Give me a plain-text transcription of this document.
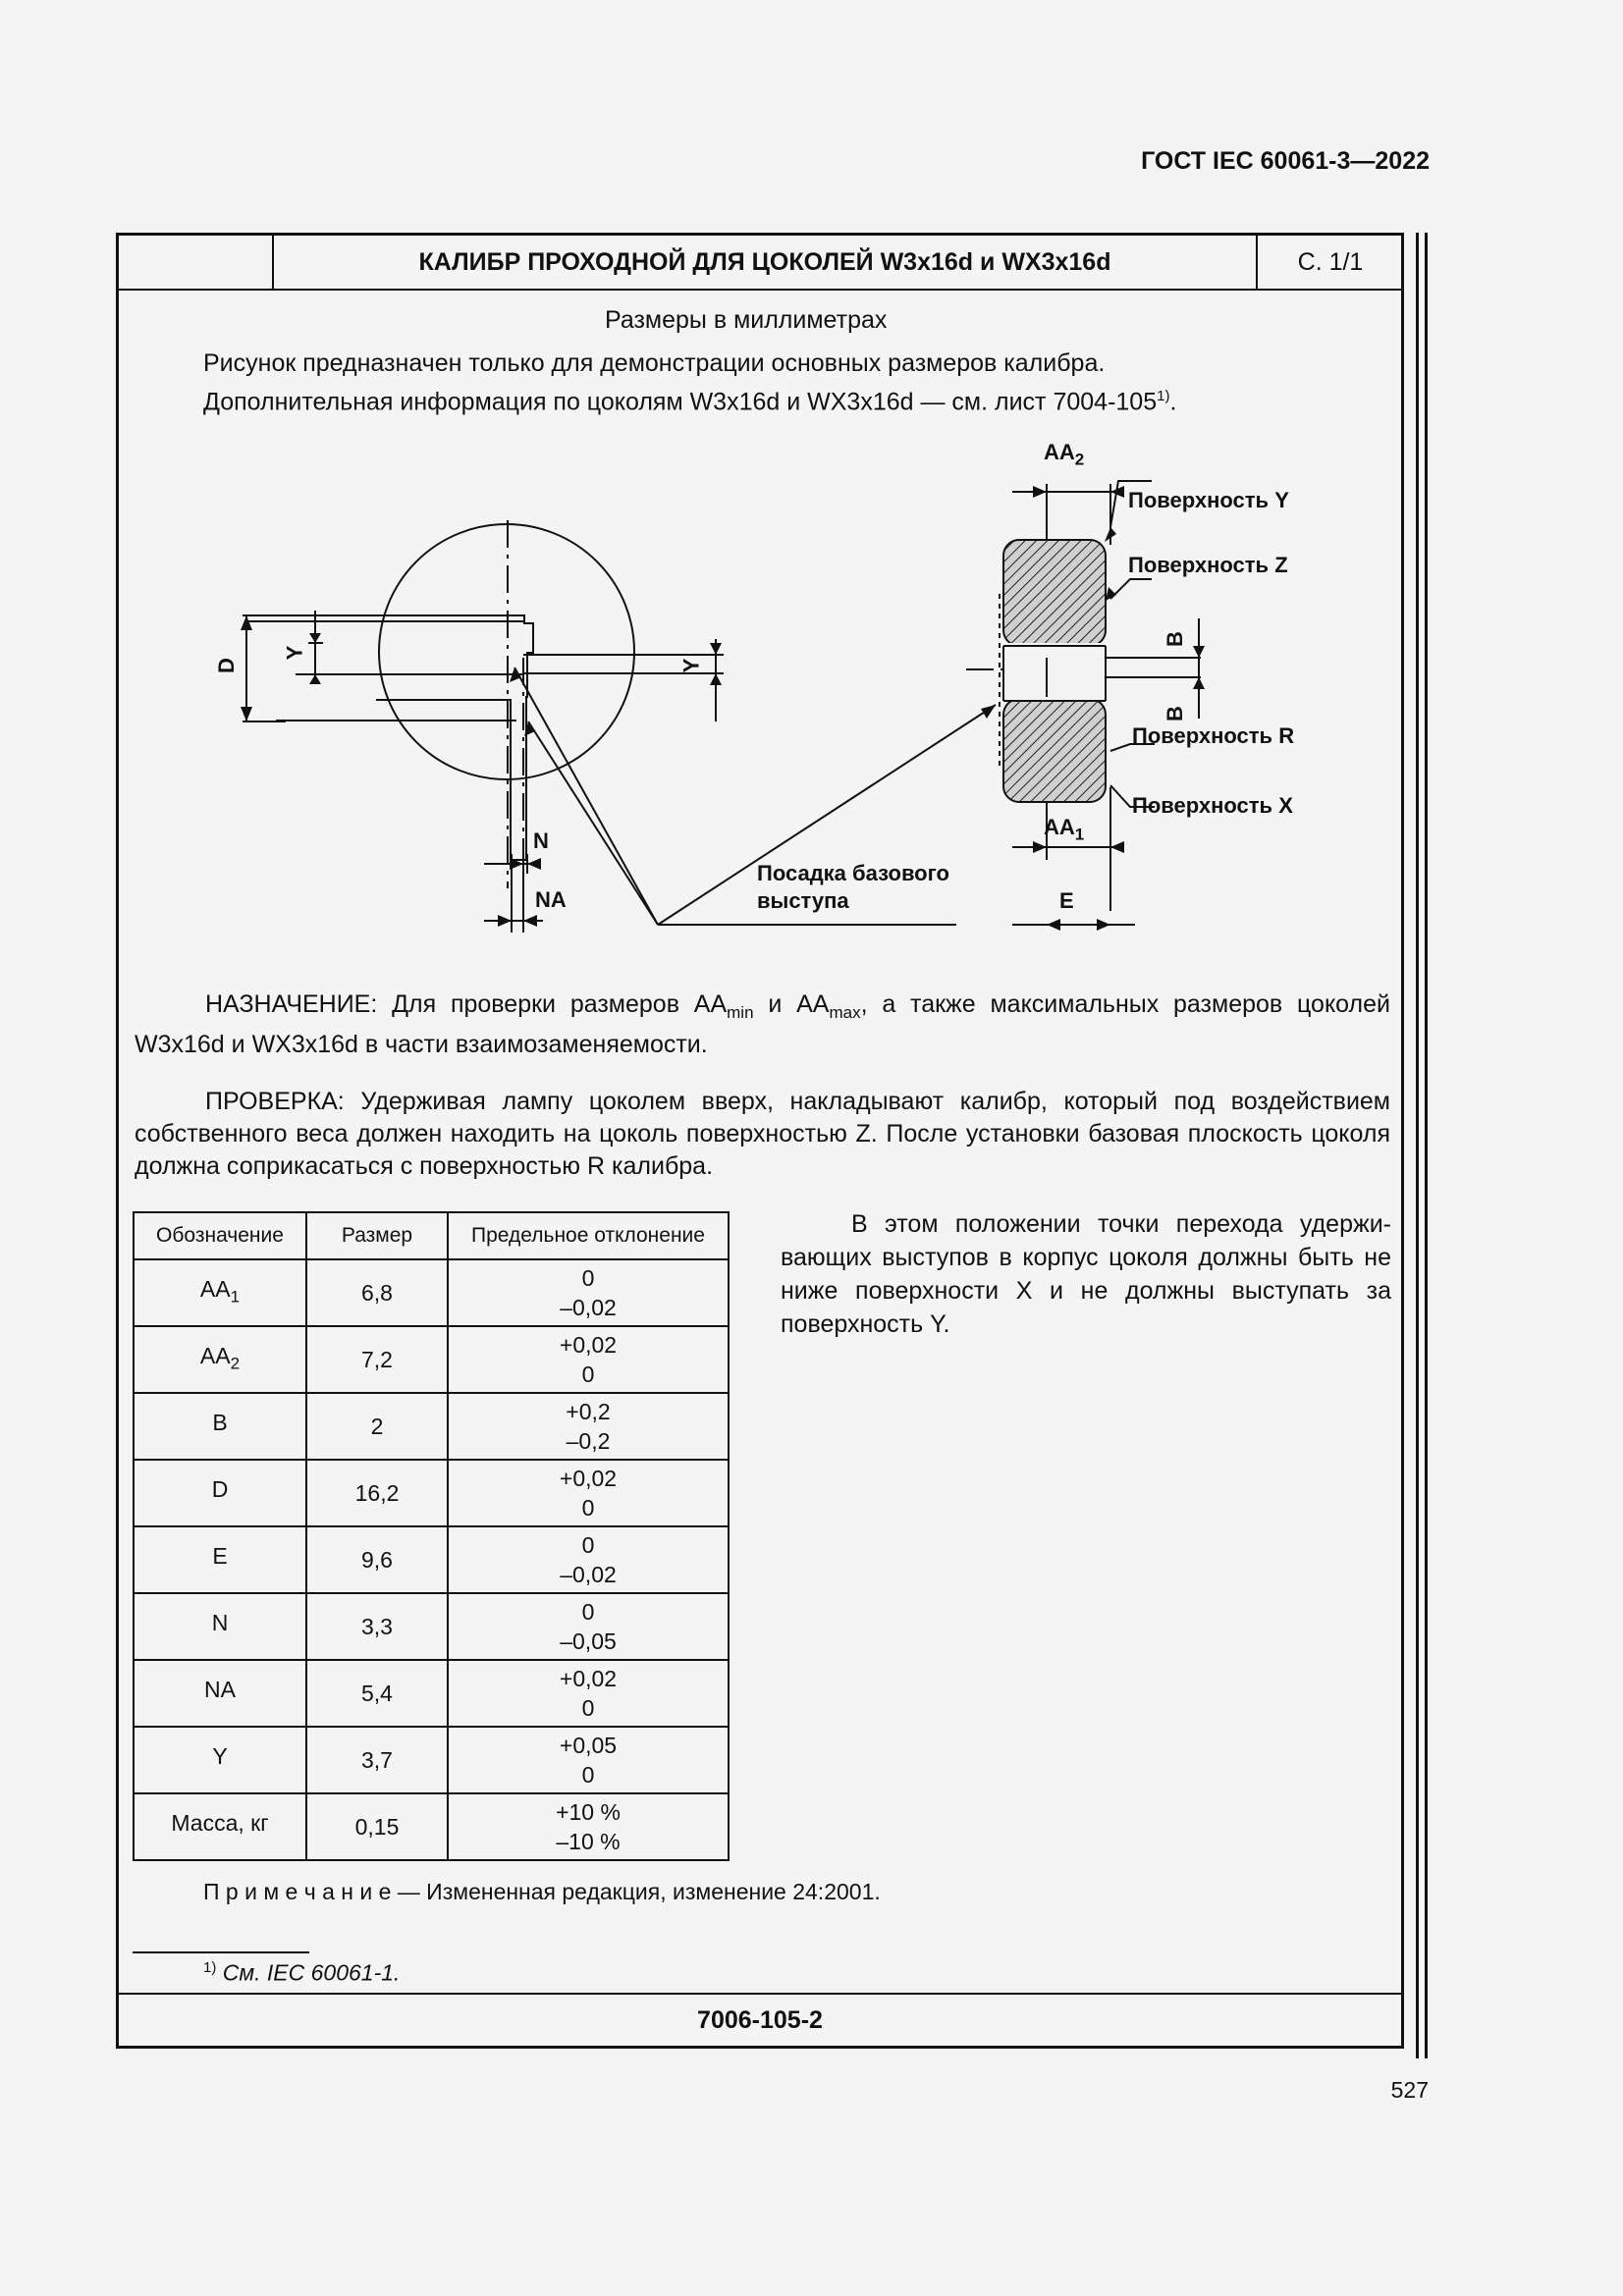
ГОСТ IEC 60061-3—2022
КАЛИБР ПРОХОДНОЙ ДЛЯ ЦОКОЛЕЙ W3x16d и WX3x16d	С. 1/1
Размеры в миллиметрах
Рисунок предназначен только для демонстрации основных размеров калибра.
Дополнительная информация по цоколям W3x16d и WX3x16d — см. лист 7004-105$^{1)}$.
D
Y
Y
N
NA
$AA_2$
Поверхность Y
Поверхность Z
B
B
Поверхность R
Поверхность X
$AA_1$
E
Посадка базового
выступа
НАЗНАЧЕНИЕ: Для проверки размеров $AA_{min}$ и $AA_{max}$, а также максимальных размеров цоколей W3x16d и WX3x16d в части взаимозаменяемости.
ПРОВЕРКА: Удерживая лампу цоколем вверх, накладывают калибр, который под воздействием собственного веса должен находить на цоколь поверхностью Z. После установки базовая плоскость цоколя должна соприкасаться с поверхностью R калибра.
Обозначение	Размер	Предельное отклонение
$AA_1$	6,8	0
–0,02

$AA_2$	7,2	+0,02
0

B	2	+0,2
–0,2

D	16,2	+0,02
0

E	9,6	0
–0,02

N	3,3	0
–0,05

NA	5,4	+0,02
0

Y	3,7	+0,05
0

Масса, кг	0,15	+10 %
–10 %
В этом положении точки перехода удерживающих выступов в корпус цоколя должны быть не ниже поверхности X и не должны выступать за поверхность Y.
П р и м е ч а н и е — Измененная редакция, изменение 24:2001.
$^{1)}$ См. IEC 60061-1.
7006-105-2
527
